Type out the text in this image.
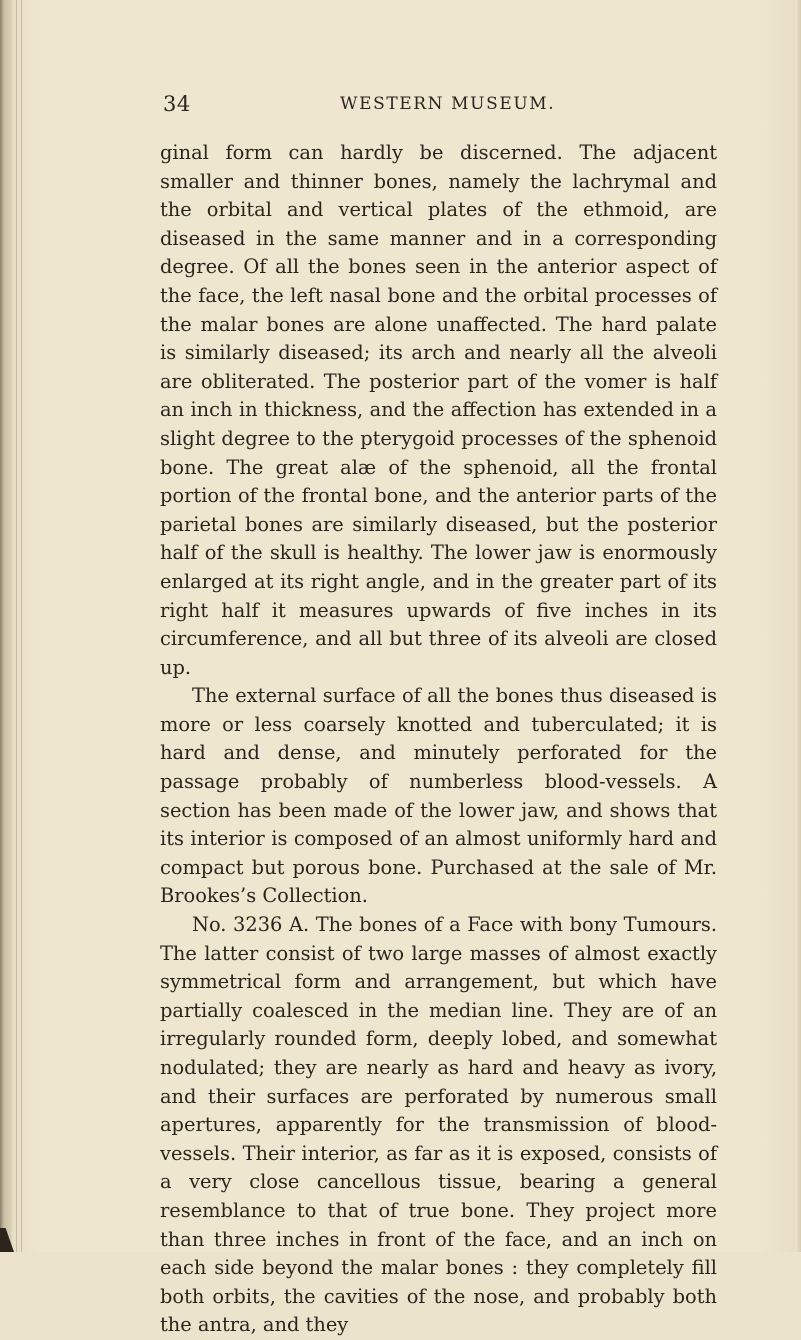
34	WESTERN MUSEUM.

ginal form can hardly be discerned. The adjacent smaller and thinner bones, namely the lachrymal and the orbital and vertical plates of the ethmoid, are diseased in the same manner and in a corresponding degree. Of all the bones seen in the anterior aspect of the face, the left nasal bone and the orbital processes of the malar bones are alone unaffected. The hard palate is similarly diseased; its arch and nearly all the alveoli are obliterated. The posterior part of the vomer is half an inch in thickness, and the affection has extended in a slight degree to the pterygoid processes of the sphenoid bone. The great alæ of the sphenoid, all the frontal portion of the frontal bone, and the anterior parts of the parietal bones are similarly diseased, but the posterior half of the skull is healthy. The lower jaw is enormously enlarged at its right angle, and in the greater part of its right half it measures upwards of five inches in its circumference, and all but three of its alveoli are closed up.

The external surface of all the bones thus diseased is more or less coarsely knotted and tuberculated; it is hard and dense, and minutely perforated for the passage probably of numberless blood-vessels. A section has been made of the lower jaw, and shows that its interior is composed of an almost uniformly hard and compact but porous bone. Purchased at the sale of Mr. Brookes’s Collection.

No. 3236 A. The bones of a Face with bony Tumours. The latter consist of two large masses of almost exactly symmetrical form and arrangement, but which have partially coalesced in the median line. They are of an irregularly rounded form, deeply lobed, and somewhat nodulated; they are nearly as hard and heavy as ivory, and their surfaces are perforated by numerous small apertures, apparently for the transmission of blood-vessels. Their interior, as far as it is exposed, consists of a very close cancellous tissue, bearing a general resemblance to that of true bone. They project more than three inches in front of the face, and an inch on each side beyond the malar bones : they completely fill both orbits, the cavities of the nose, and probably both the antra, and they
